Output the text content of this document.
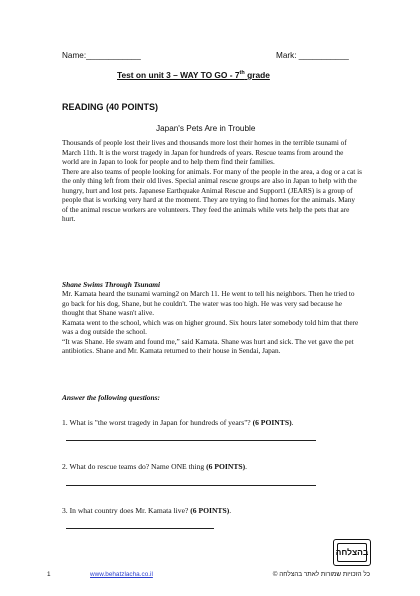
Name:____________	Mark: ___________
Test on unit 3 – WAY TO GO - 7th grade
READING (40 POINTS)
Japan's Pets Are in Trouble

Thousands of people lost their lives and thousands more lost their homes in the terrible tsunami of March 11th. It is the worst tragedy in Japan for hundreds of years. Rescue teams from around the world are in Japan to look for people and to help them find their families.

There are also teams of people looking for animals. For many of the people in the area, a dog or a cat is the only thing left from their old lives. Special animal rescue groups are also in Japan to help with the hungry, hurt and lost pets. Japanese Earthquake Animal Rescue and Support1 (JEARS) is a group of people that is working very hard at the moment. They are trying to find homes for the animals. Many of the animal rescue workers are volunteers. They feed the animals while vets help the pets that are hurt.

Shane Swims Through Tsunami

Mr. Kamata heard the tsunami warning2 on March 11. He went to tell his neighbors. Then he tried to go back for his dog, Shane, but he couldn't. The water was too high. He was very sad because he thought that Shane wasn't alive.

Kamata went to the school, which was on higher ground. Six hours later somebody told him that there was a dog outside the school.

“It was Shane. He swam and found me,” said Kamata. Shane was hurt and sick. The vet gave the pet antibiotics. Shane and Mr. Kamata returned to their house in Sendai, Japan.

Answer the following questions:
1. What is "the worst tragedy in Japan for hundreds of years"? (6 POINTS).
2. What do rescue teams do? Name ONE thing (6 POINTS).
3. In what country does Mr. Kamata live? (6 POINTS).
בהצלחה
1	www.behatzlacha.co.il	כל הזכויות שמורות לאתר בהצלחה ©
